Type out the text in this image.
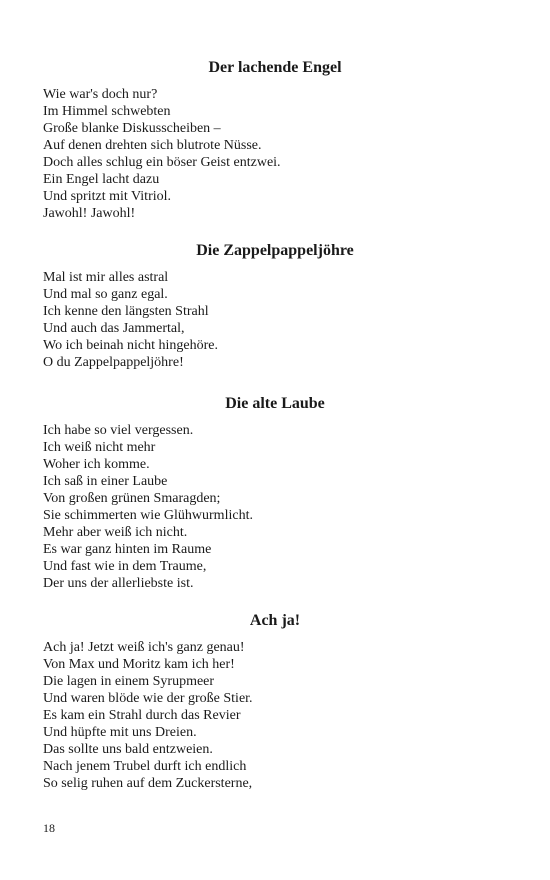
Der lachende Engel
Wie war's doch nur?
Im Himmel schwebten
Große blanke Diskusscheiben –
Auf denen drehten sich blutrote Nüsse.
Doch alles schlug ein böser Geist entzwei.
Ein Engel lacht dazu
Und spritzt mit Vitriol.
Jawohl! Jawohl!
Die Zappelpappeljöhre
Mal ist mir alles astral
Und mal so ganz egal.
Ich kenne den längsten Strahl
Und auch das Jammertal,
Wo ich beinah nicht hingehöre.
O du Zappelpappeljöhre!
Die alte Laube
Ich habe so viel vergessen.
Ich weiß nicht mehr
Woher ich komme.
Ich saß in einer Laube
Von großen grünen Smaragden;
Sie schimmerten wie Glühwurmlicht.
Mehr aber weiß ich nicht.
Es war ganz hinten im Raume
Und fast wie in dem Traume,
Der uns der allerliebste ist.
Ach ja!
Ach ja! Jetzt weiß ich's ganz genau!
Von Max und Moritz kam ich her!
Die lagen in einem Syrupmeer
Und waren blöde wie der große Stier.
Es kam ein Strahl durch das Revier
Und hüpfte mit uns Dreien.
Das sollte uns bald entzweien.
Nach jenem Trubel durft ich endlich
So selig ruhen auf dem Zuckersterne,
18
